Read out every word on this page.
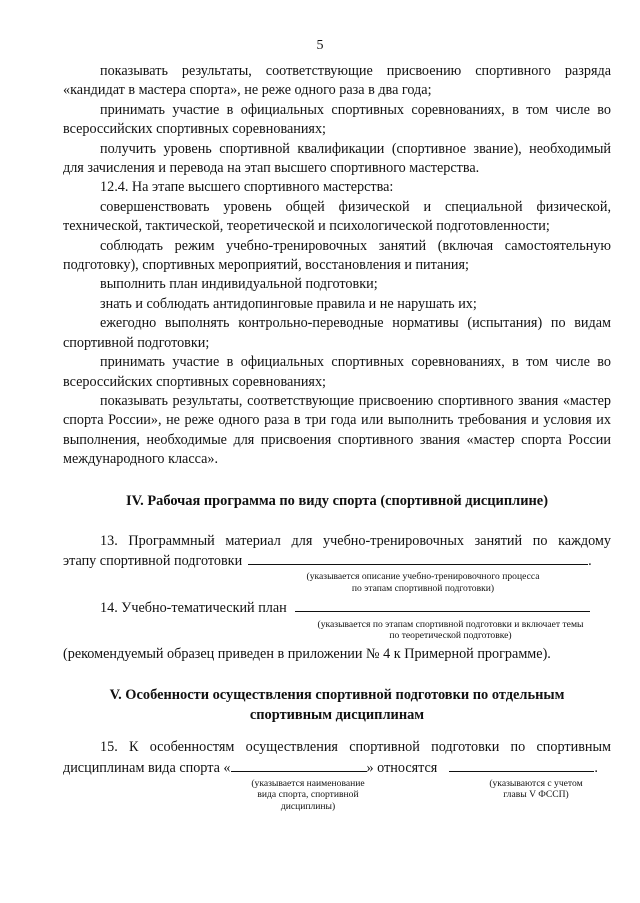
5

показывать результаты, соответствующие присвоению спортивного разряда «кандидат в мастера спорта», не реже одного раза в два года;

принимать участие в официальных спортивных соревнованиях, в том числе во всероссийских спортивных соревнованиях;

получить уровень спортивной квалификации (спортивное звание), необходимый для зачисления и перевода на этап высшего спортивного мастерства.

12.4. На этапе высшего спортивного мастерства:

совершенствовать уровень общей физической и специальной физической, технической, тактической, теоретической и психологической подготовленности;

соблюдать режим учебно-тренировочных занятий (включая самостоятельную подготовку), спортивных мероприятий, восстановления и питания;

выполнить план индивидуальной подготовки;

знать и соблюдать антидопинговые правила и не нарушать их;

ежегодно выполнять контрольно-переводные нормативы (испытания) по видам спортивной подготовки;

принимать участие в официальных спортивных соревнованиях, в том числе во всероссийских спортивных соревнованиях;

показывать результаты, соответствующие присвоению спортивного звания «мастер спорта России», не реже одного раза в три года или выполнить требования и условия их выполнения, необходимые для присвоения спортивного звания «мастер спорта России международного класса».

IV. Рабочая программа по виду спорта (спортивной дисциплине)

13. Программный материал для учебно-тренировочных занятий по каждому

этапу спортивной подготовки	.

(указывается описание учебно-тренировочного процесса
по этапам спортивной подготовки)

14. Учебно-тематический план

(указывается по этапам спортивной подготовки и включает темы
по теоретической подготовке)

(рекомендуемый образец приведен в приложении № 4 к Примерной программе).

V. Особенности осуществления спортивной подготовки по отдельным спортивным дисциплинам

15. К особенностям осуществления спортивной подготовки по спортивным

дисциплинам вида спорта «	» относятся	.

(указывается наименование
вида спорта, спортивной
дисциплины)

(указываются с учетом
главы V ФССП)
